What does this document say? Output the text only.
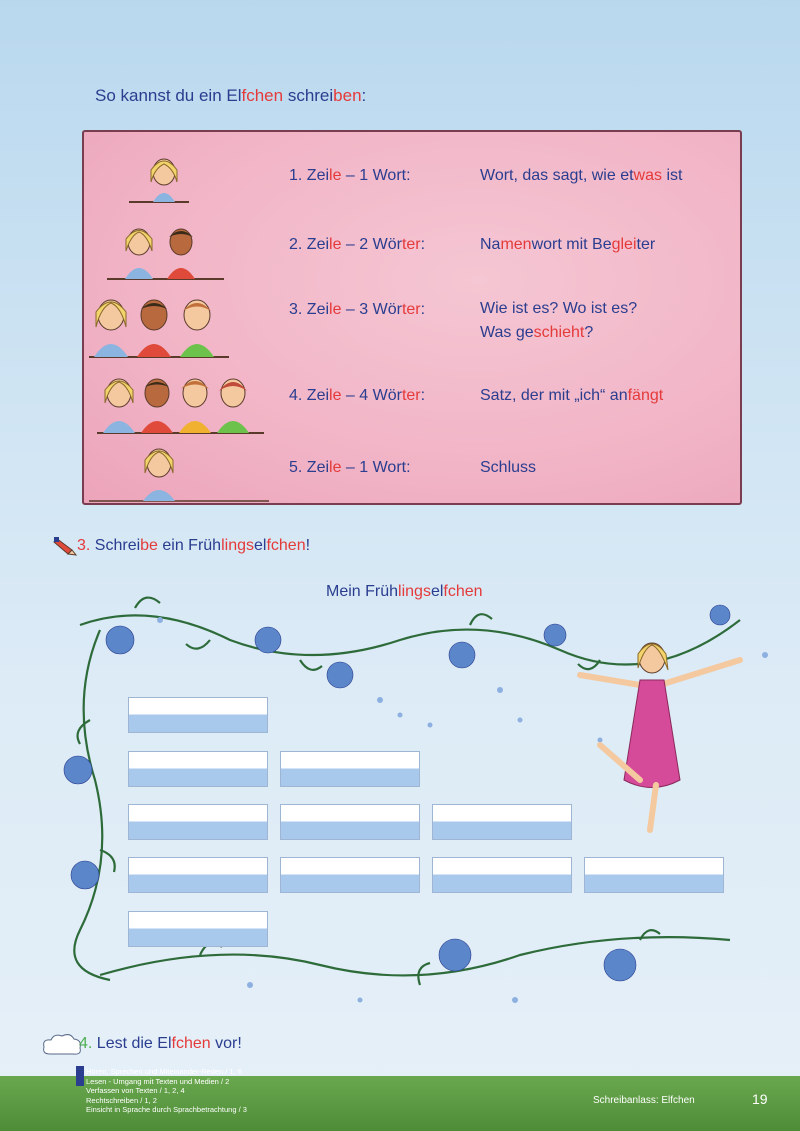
So kannst du ein Elfchen schreiben:
1. Zeile – 1 Wort:	Wort, das sagt, wie etwas ist
2. Zeile – 2 Wörter:	Namenwort mit Begleiter
3. Zeile – 3 Wörter:	Wie ist es? Wo ist es?
Was geschieht?
4. Zeile – 4 Wörter:	Satz, der mit „ich“ anfängt
5. Zeile – 1 Wort:	Schluss
3. Schreibe ein Frühlingselfchen!
Mein Frühlingselfchen
4. Lest die Elfchen vor!
Hören, Sprechen und Miteinander-Reden / 1, 6
Lesen - Umgang mit Texten und Medien / 2
Verfassen von Texten / 1, 2, 4
Rechtschreiben / 1, 2
Einsicht in Sprache durch Sprachbetrachtung / 3
Schreibanlass: Elfchen	19
